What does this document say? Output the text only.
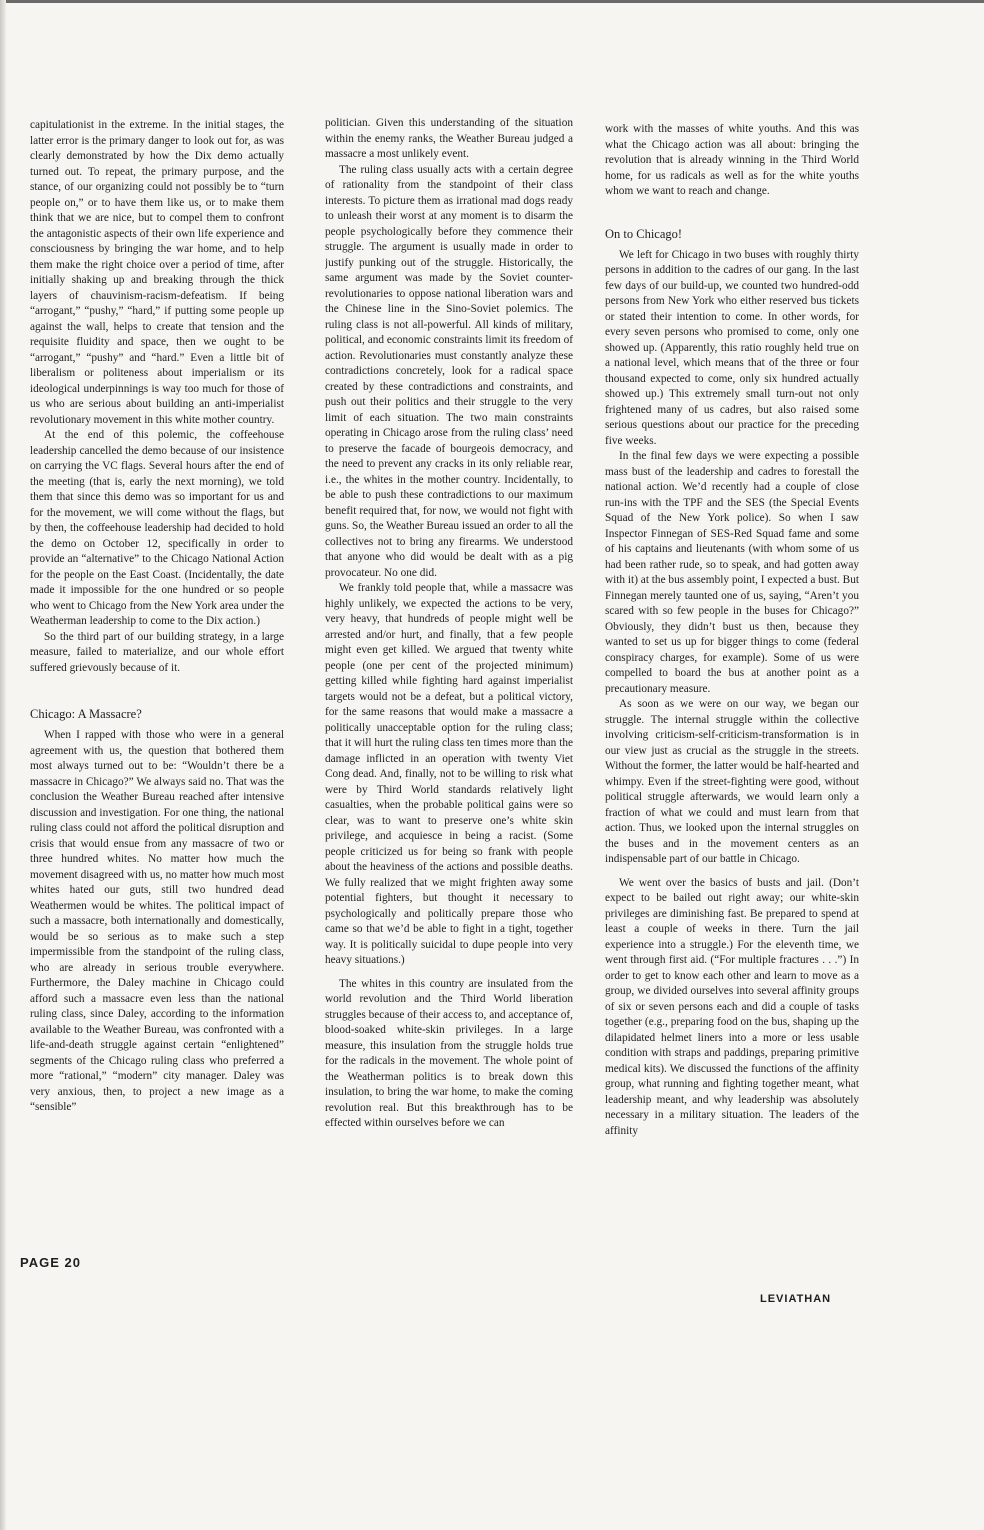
capitulationist in the extreme. In the initial stages, the latter error is the primary danger to look out for, as was clearly demonstrated by how the Dix demo actually turned out. To repeat, the primary purpose, and the stance, of our organizing could not possibly be to “turn people on,” or to have them like us, or to make them think that we are nice, but to compel them to confront the antagonistic aspects of their own life experience and consciousness by bringing the war home, and to help them make the right choice over a period of time, after initially shaking up and breaking through the thick layers of chauvinism-racism-defeatism. If being “arrogant,” “pushy,” “hard,” if putting some people up against the wall, helps to create that tension and the requisite fluidity and space, then we ought to be “arrogant,” “pushy” and “hard.” Even a little bit of liberalism or politeness about imperialism or its ideological underpinnings is way too much for those of us who are serious about building an anti-imperialist revolutionary movement in this white mother country.

At the end of this polemic, the coffeehouse leadership cancelled the demo because of our insistence on carrying the VC flags. Several hours after the end of the meeting (that is, early the next morning), we told them that since this demo was so important for us and for the movement, we will come without the flags, but by then, the coffeehouse leadership had decided to hold the demo on October 12, specifically in order to provide an “alternative” to the Chicago National Action for the people on the East Coast. (Incidentally, the date made it impossible for the one hundred or so people who went to Chicago from the New York area under the Weatherman leadership to come to the Dix action.)

So the third part of our building strategy, in a large measure, failed to materialize, and our whole effort suffered grievously because of it.

Chicago: A Massacre?

When I rapped with those who were in a general agreement with us, the question that bothered them most always turned out to be: “Wouldn’t there be a massacre in Chicago?” We always said no. That was the conclusion the Weather Bureau reached after intensive discussion and investigation. For one thing, the national ruling class could not afford the political disruption and crisis that would ensue from any massacre of two or three hundred whites. No matter how much the movement disagreed with us, no matter how much most whites hated our guts, still two hundred dead Weathermen would be whites. The political impact of such a massacre, both internationally and domestically, would be so serious as to make such a step impermissible from the standpoint of the ruling class, who are already in serious trouble everywhere. Furthermore, the Daley machine in Chicago could afford such a massacre even less than the national ruling class, since Daley, according to the information available to the Weather Bureau, was confronted with a life-and-death struggle against certain “enlightened” segments of the Chicago ruling class who preferred a more “rational,” “modern” city manager. Daley was very anxious, then, to project a new image as a “sensible”

politician. Given this understanding of the situation within the enemy ranks, the Weather Bureau judged a massacre a most unlikely event.

The ruling class usually acts with a certain degree of rationality from the standpoint of their class interests. To picture them as irrational mad dogs ready to unleash their worst at any moment is to disarm the people psychologically before they commence their struggle. The argument is usually made in order to justify punking out of the struggle. Historically, the same argument was made by the Soviet counter-revolutionaries to oppose national liberation wars and the Chinese line in the Sino-Soviet polemics. The ruling class is not all-powerful. All kinds of military, political, and economic constraints limit its freedom of action. Revolutionaries must constantly analyze these contradictions concretely, look for a radical space created by these contradictions and constraints, and push out their politics and their struggle to the very limit of each situation. The two main constraints operating in Chicago arose from the ruling class’ need to preserve the facade of bourgeois democracy, and the need to prevent any cracks in its only reliable rear, i.e., the whites in the mother country. Incidentally, to be able to push these contradictions to our maximum benefit required that, for now, we would not fight with guns. So, the Weather Bureau issued an order to all the collectives not to bring any firearms. We understood that anyone who did would be dealt with as a pig provocateur. No one did.

We frankly told people that, while a massacre was highly unlikely, we expected the actions to be very, very heavy, that hundreds of people might well be arrested and/or hurt, and finally, that a few people might even get killed. We argued that twenty white people (one per cent of the projected minimum) getting killed while fighting hard against imperialist targets would not be a defeat, but a political victory, for the same reasons that would make a massacre a politically unacceptable option for the ruling class; that it will hurt the ruling class ten times more than the damage inflicted in an operation with twenty Viet Cong dead. And, finally, not to be willing to risk what were by Third World standards relatively light casualties, when the probable political gains were so clear, was to want to preserve one’s white skin privilege, and acquiesce in being a racist. (Some people criticized us for being so frank with people about the heaviness of the actions and possible deaths. We fully realized that we might frighten away some potential fighters, but thought it necessary to psychologically and politically prepare those who came so that we’d be able to fight in a tight, together way. It is politically suicidal to dupe people into very heavy situations.)

The whites in this country are insulated from the world revolution and the Third World liberation struggles because of their access to, and acceptance of, blood-soaked white-skin privileges. In a large measure, this insulation from the struggle holds true for the radicals in the movement. The whole point of the Weatherman politics is to break down this insulation, to bring the war home, to make the coming revolution real. But this breakthrough has to be effected within ourselves before we can

work with the masses of white youths. And this was what the Chicago action was all about: bringing the revolution that is already winning in the Third World home, for us radicals as well as for the white youths whom we want to reach and change.

On to Chicago!

We left for Chicago in two buses with roughly thirty persons in addition to the cadres of our gang. In the last few days of our build-up, we counted two hundred-odd persons from New York who either reserved bus tickets or stated their intention to come. In other words, for every seven persons who promised to come, only one showed up. (Apparently, this ratio roughly held true on a national level, which means that of the three or four thousand expected to come, only six hundred actually showed up.) This extremely small turn-out not only frightened many of us cadres, but also raised some serious questions about our practice for the preceding five weeks.

In the final few days we were expecting a possible mass bust of the leadership and cadres to forestall the national action. We’d recently had a couple of close run-ins with the TPF and the SES (the Special Events Squad of the New York police). So when I saw Inspector Finnegan of SES-Red Squad fame and some of his captains and lieutenants (with whom some of us had been rather rude, so to speak, and had gotten away with it) at the bus assembly point, I expected a bust. But Finnegan merely taunted one of us, saying, “Aren’t you scared with so few people in the buses for Chicago?” Obviously, they didn’t bust us then, because they wanted to set us up for bigger things to come (federal conspiracy charges, for example). Some of us were compelled to board the bus at another point as a precautionary measure.

As soon as we were on our way, we began our struggle. The internal struggle within the collective involving criticism-self-criticism-transformation is in our view just as crucial as the struggle in the streets. Without the former, the latter would be half-hearted and whimpy. Even if the street-fighting were good, without political struggle afterwards, we would learn only a fraction of what we could and must learn from that action. Thus, we looked upon the internal struggles on the buses and in the movement centers as an indispensable part of our battle in Chicago.

We went over the basics of busts and jail. (Don’t expect to be bailed out right away; our white-skin privileges are diminishing fast. Be prepared to spend at least a couple of weeks in there. Turn the jail experience into a struggle.) For the eleventh time, we went through first aid. (“For multiple fractures . . .”) In order to get to know each other and learn to move as a group, we divided ourselves into several affinity groups of six or seven persons each and did a couple of tasks together (e.g., preparing food on the bus, shaping up the dilapidated helmet liners into a more or less usable condition with straps and paddings, preparing primitive medical kits). We discussed the functions of the affinity group, what running and fighting together meant, what leadership meant, and why leadership was absolutely necessary in a military situation. The leaders of the affinity

PAGE 20
LEVIATHAN
